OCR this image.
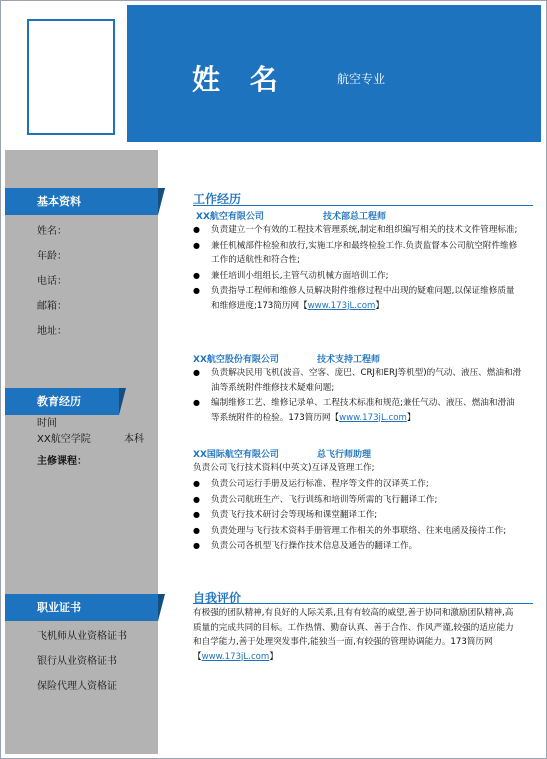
姓 名	航空专业
基本资料
姓名：
年龄：
电话：
邮箱：
地址：
教育经历
时间
XX航空学院	本科
主修课程：
职业证书
飞机师从业资格证书
银行从业资格证书
保险代理人资格证
工作经历
XX航空有限公司	技术部总工程师
● 负责建立一个有效的工程技术管理系统,制定和组织编写相关的技术文件管理标准;
● 兼任机械部件检验和放行,实施工序和最终检验工作.负责监督本公司航空附件维修工作的适航性和符合性;
● 兼任培训小组组长,主管气动机械方面培训工作;
● 负责指导工程师和维修人员解决附件维修过程中出现的疑难问题,以保证维修质量和维修进度;173简历网【www.173jL.com】
XX航空股份有限公司	技术支持工程师
● 负责解决民用飞机(波音、空客、庞巴、CRJ和ERJ等机型)的气动、液压、燃油和滑油等系统附件维修技术疑难问题;
● 编制维修工艺、维修记录单、工程技术标准和规范;兼任气动、液压、燃油和滑油等系统附件的检验。173简历网【www.173jL.com】
XX国际航空有限公司	总飞行师助理
负责公司飞行技术资料(中英文)互译及管理工作;
● 负责公司运行手册及运行标准、程序等文件的汉译英工作;
● 负责公司航班生产、飞行训练和培训等所需的飞行翻译工作;
● 负责飞行技术研讨会等现场和课堂翻译工作;
● 负责处理与飞行技术资料手册管理工作相关的外事联络、往来电函及接待工作;
● 负责公司各机型飞行操作技术信息及通告的翻译工作。
自我评价
有极强的团队精神,有良好的人际关系,且有有较高的威望,善于协同和激励团队精神,高质量的完成共同的目标。工作热情、勤奋认真、善于合作、作风严谨,较强的适应能力和自学能力,善于处理突发事件,能独当一面,有较强的管理协调能力。173简历网【www.173jL.com】
